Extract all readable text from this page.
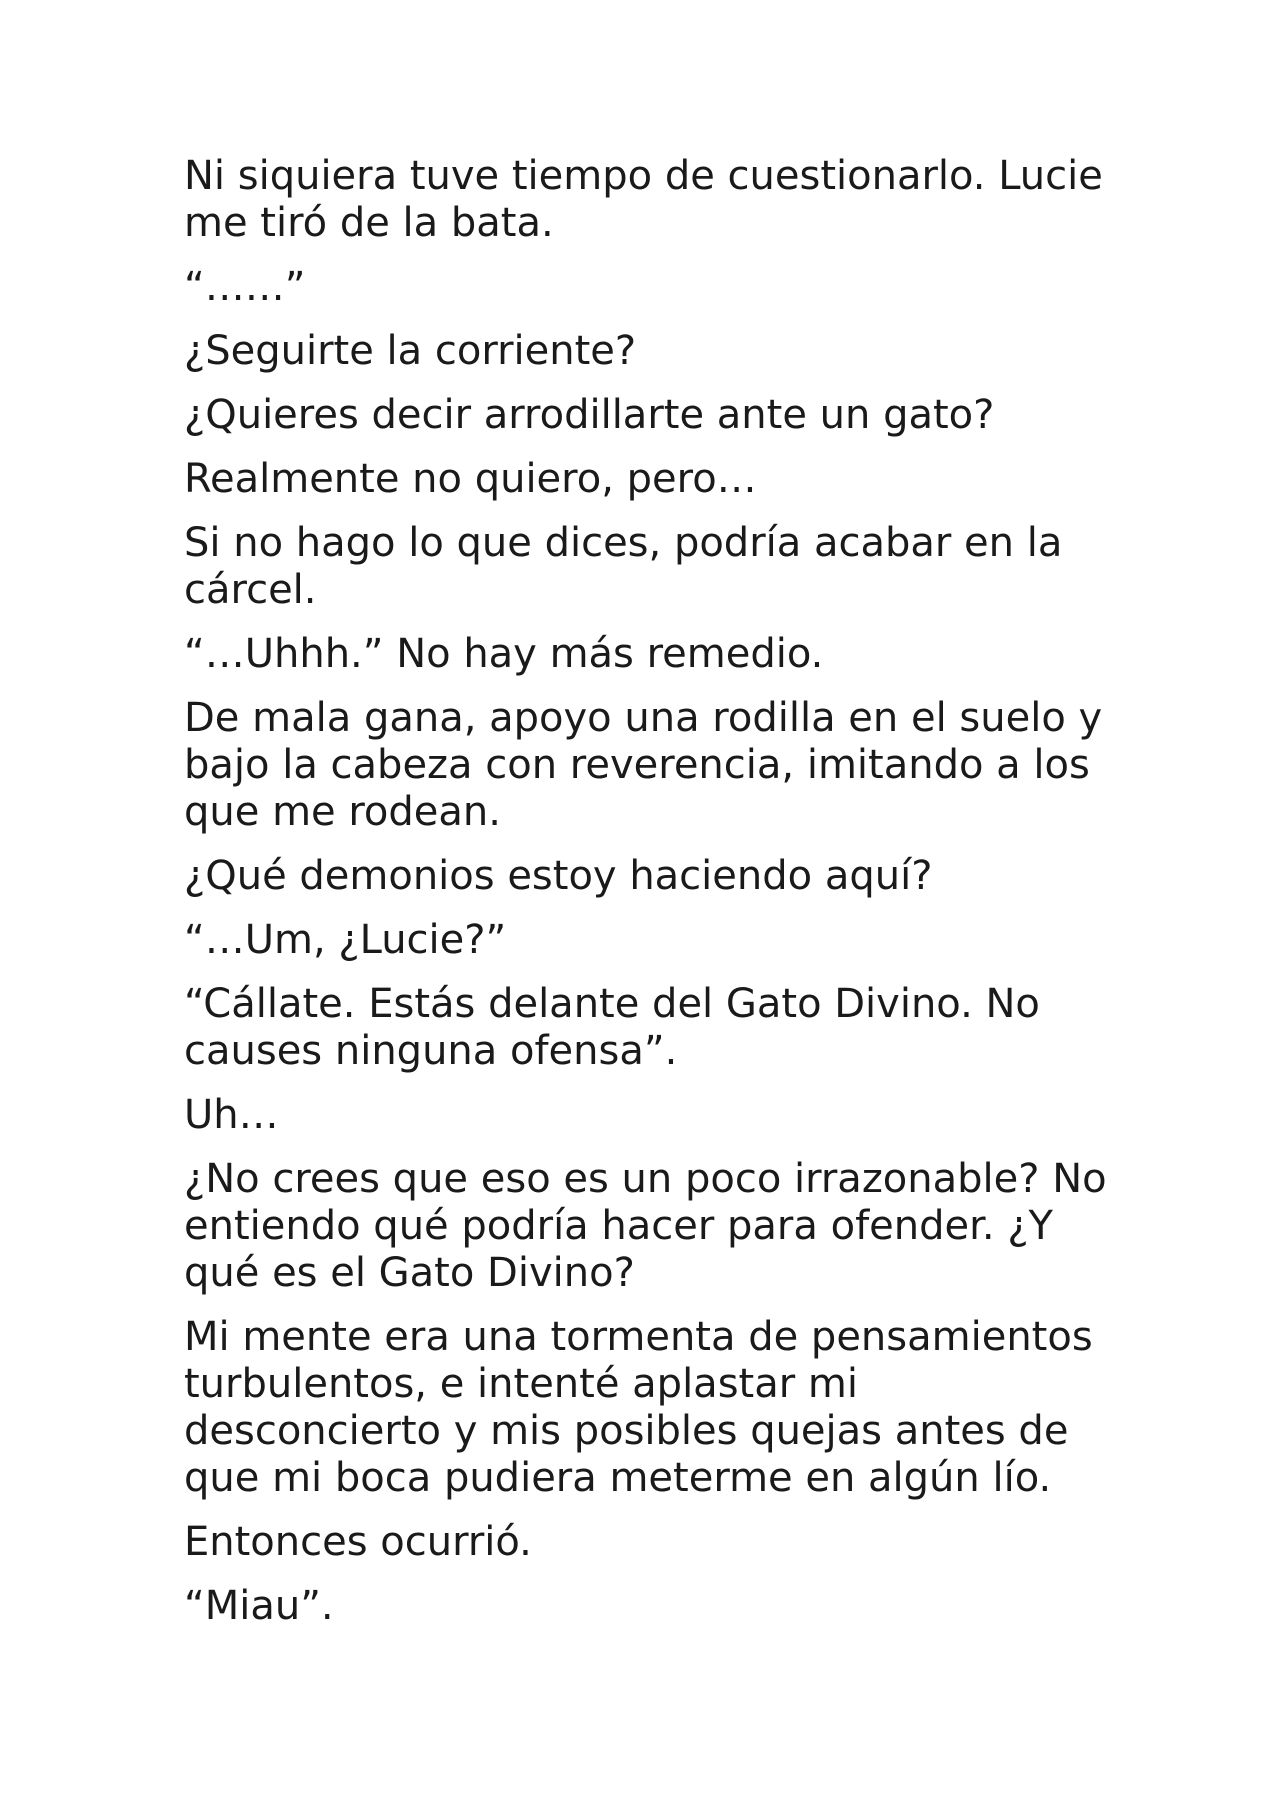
Ni siquiera tuve tiempo de cuestionarlo. Lucie me tiró de la bata.

“……”

¿Seguirte la corriente?

¿Quieres decir arrodillarte ante un gato?

Realmente no quiero, pero…

Si no hago lo que dices, podría acabar en la cárcel.

“…Uhhh.” No hay más remedio.

De mala gana, apoyo una rodilla en el suelo y bajo la cabeza con reverencia, imitando a los que me rodean.

¿Qué demonios estoy haciendo aquí?

“…Um, ¿Lucie?”

“Cállate. Estás delante del Gato Divino. No causes ninguna ofensa”.

Uh…

¿No crees que eso es un poco irrazonable? No entiendo qué podría hacer para ofender. ¿Y qué es el Gato Divino?

Mi mente era una tormenta de pensamientos turbulentos, e intenté aplastar mi desconcierto y mis posibles quejas antes de que mi boca pudiera meterme en algún lío.

Entonces ocurrió.

“Miau”.
